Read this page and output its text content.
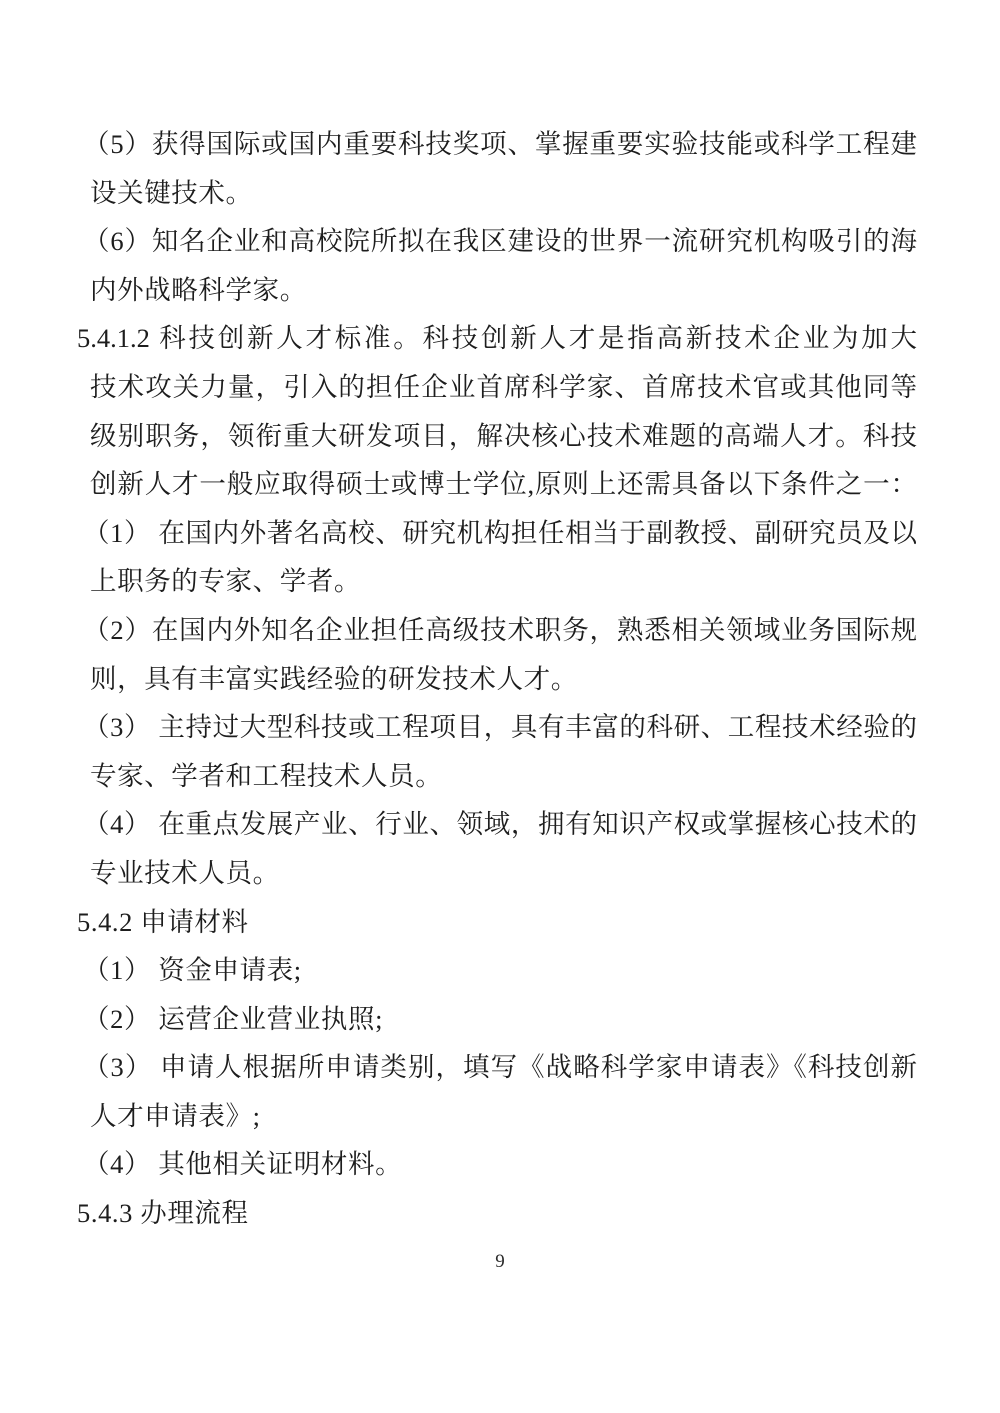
（5）获得国际或国内重要科技奖项、掌握重要实验技能或科学工程建
设关键技术。
（6）知名企业和高校院所拟在我区建设的世界一流研究机构吸引的海
内外战略科学家。
5.4.1.2 科技创新人才标准。科技创新人才是指高新技术企业为加大
技术攻关力量，引入的担任企业首席科学家、首席技术官或其他同等
级别职务，领衔重大研发项目，解决核心技术难题的高端人才。科技
创新人才一般应取得硕士或博士学位,原则上还需具备以下条件之一：
（1） 在国内外著名高校、研究机构担任相当于副教授、副研究员及以
上职务的专家、学者。
（2）在国内外知名企业担任高级技术职务，熟悉相关领域业务国际规
则，具有丰富实践经验的研发技术人才。
（3） 主持过大型科技或工程项目，具有丰富的科研、工程技术经验的
专家、学者和工程技术人员。
（4） 在重点发展产业、行业、领域，拥有知识产权或掌握核心技术的
专业技术人员。
5.4.2 申请材料
（1） 资金申请表;
（2） 运营企业营业执照;
（3） 申请人根据所申请类别，填写《战略科学家申请表》《科技创新
人才申请表》;
（4） 其他相关证明材料。
5.4.3 办理流程
9
